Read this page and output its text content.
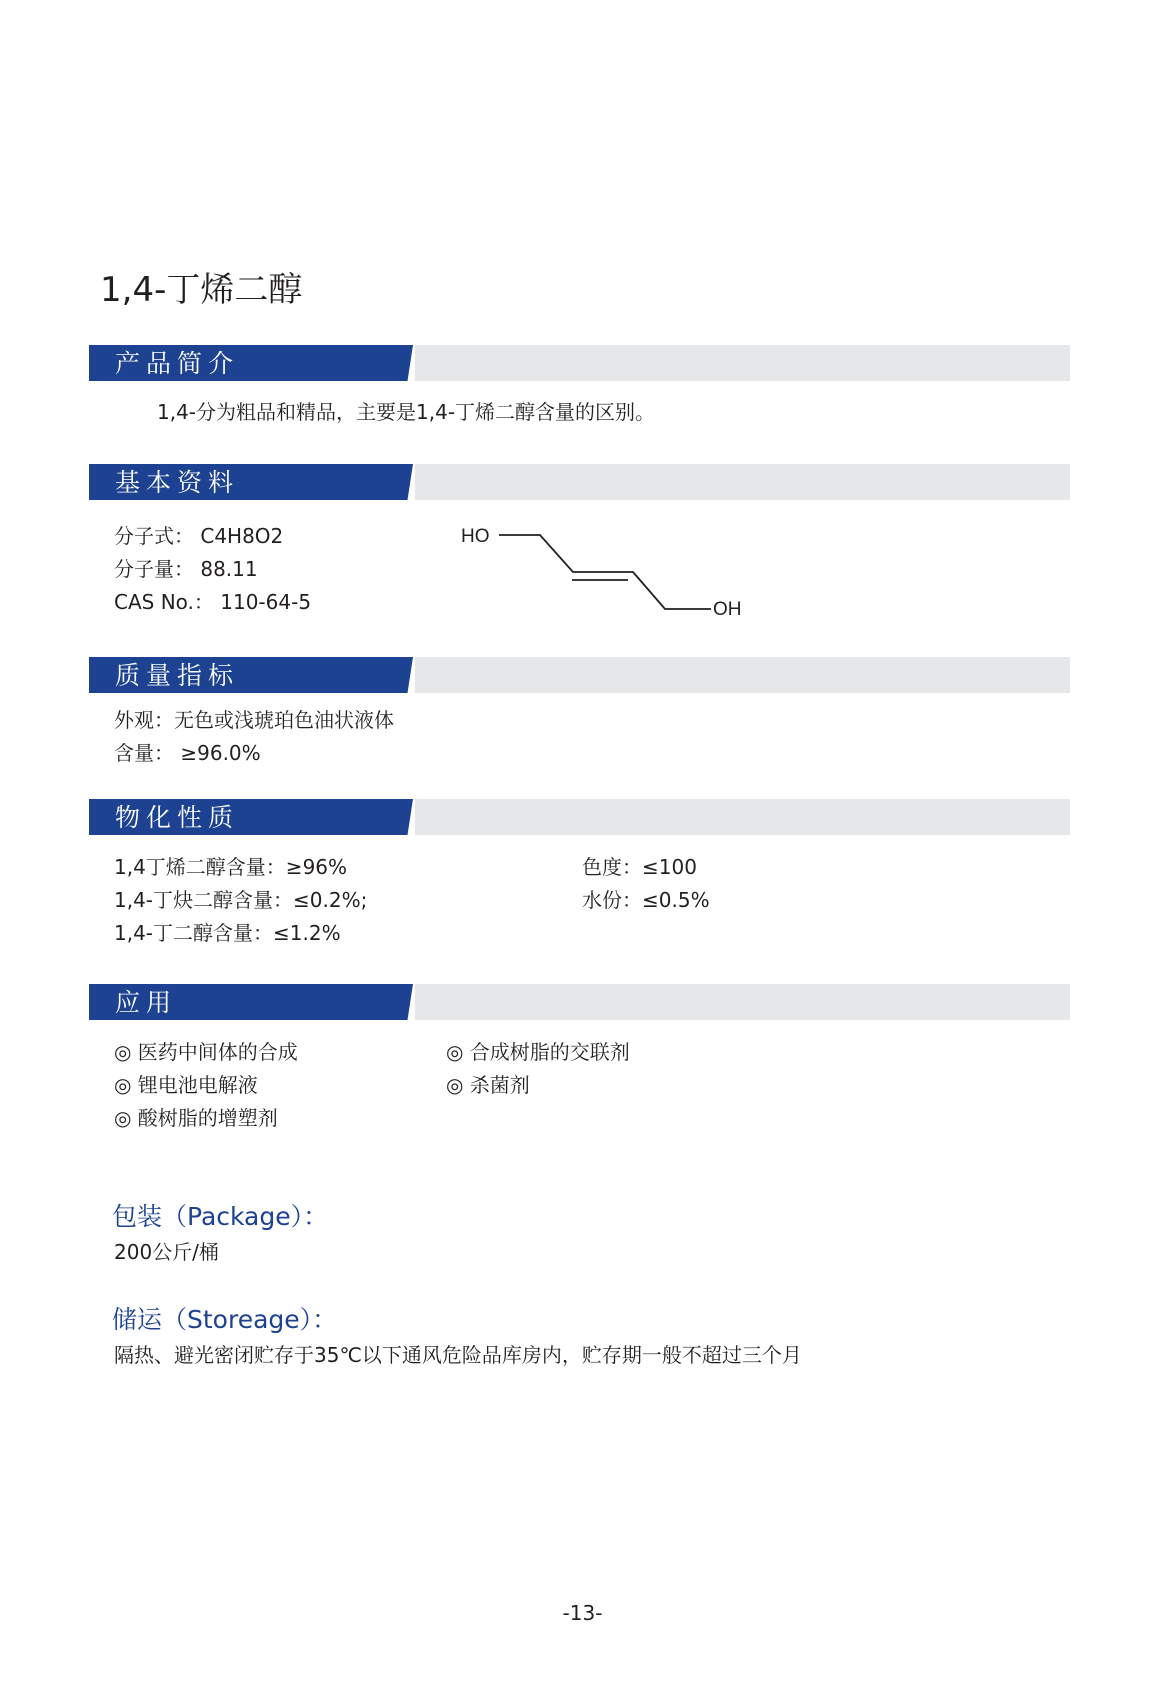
1,4-丁烯二醇
产品简介
1,4-分为粗品和精品，主要是1,4-丁烯二醇含量的区别。
基本资料
分子式： C4H8O2
分子量： 88.11
CAS No.： 110-64-5
HO
OH
质量指标
外观：无色或浅琥珀色油状液体
含量： ≥96.0%
物化性质
1,4丁烯二醇含量：≥96%
1,4-丁炔二醇含量：≤0.2%;
1,4-丁二醇含量：≤1.2%
色度：≤100
水份：≤0.5%
应用
◎ 医药中间体的合成
◎ 锂电池电解液
◎ 酸树脂的增塑剂
◎ 合成树脂的交联剂
◎ 杀菌剂
包装（Package）：
200公斤/桶
储运（Storeage）：
隔热、避光密闭贮存于35℃以下通风危险品库房内，贮存期一般不超过三个月
-13-
